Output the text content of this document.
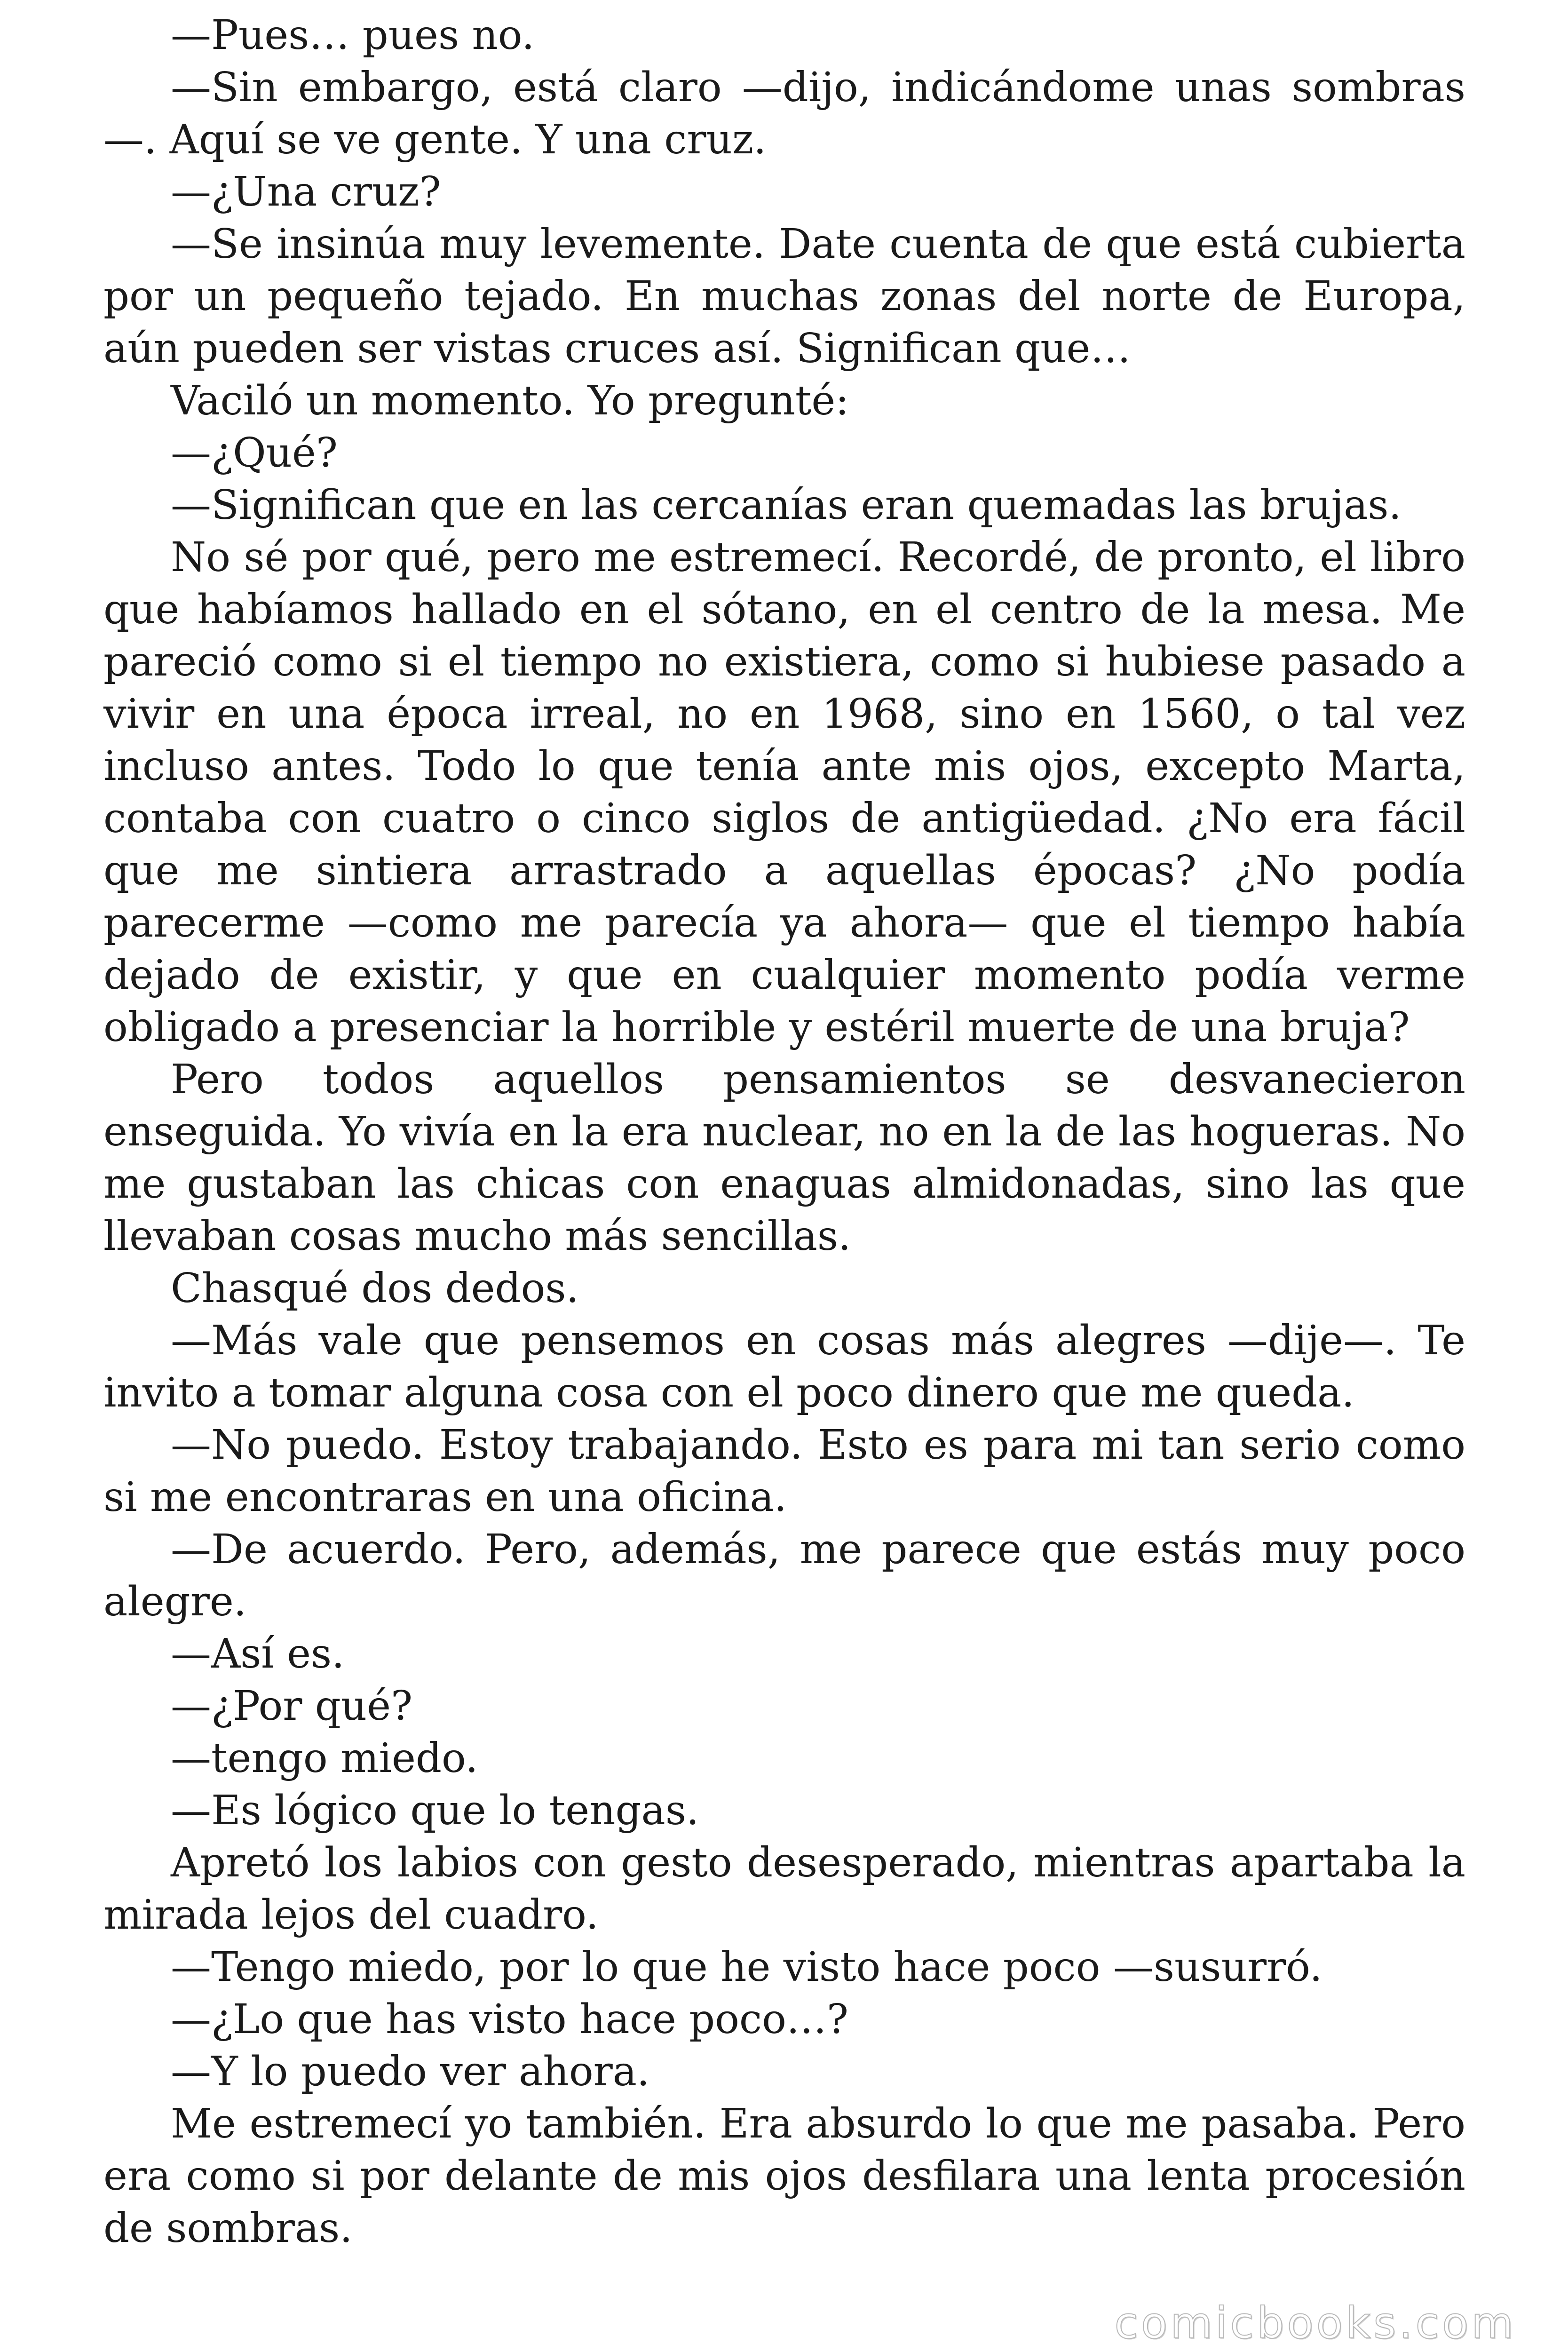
—Pues… pues no.

—Sin embargo, está claro —dijo, indicándome unas sombras—. Aquí se ve gente. Y una cruz.

—¿Una cruz?

—Se insinúa muy levemente. Date cuenta de que está cubierta por un pequeño tejado. En muchas zonas del norte de Europa, aún pueden ser vistas cruces así. Significan que…

Vaciló un momento. Yo pregunté:

—¿Qué?

—Significan que en las cercanías eran quemadas las brujas.

No sé por qué, pero me estremecí. Recordé, de pronto, el libro que habíamos hallado en el sótano, en el centro de la mesa. Me pareció como si el tiempo no existiera, como si hubiese pasado a vivir en una época irreal, no en 1968, sino en 1560, o tal vez incluso antes. Todo lo que tenía ante mis ojos, excepto Marta, contaba con cuatro o cinco siglos de antigüedad. ¿No era fácil que me sintiera arrastrado a aquellas épocas? ¿No podía parecerme —como me parecía ya ahora— que el tiempo había dejado de existir, y que en cualquier momento podía verme obligado a presenciar la horrible y estéril muerte de una bruja?

Pero todos aquellos pensamientos se desvanecieron enseguida. Yo vivía en la era nuclear, no en la de las hogueras. No me gustaban las chicas con enaguas almidonadas, sino las que llevaban cosas mucho más sencillas.

Chasqué dos dedos.

—Más vale que pensemos en cosas más alegres —dije—. Te invito a tomar alguna cosa con el poco dinero que me queda.

—No puedo. Estoy trabajando. Esto es para mi tan serio como si me encontraras en una oficina.

—De acuerdo. Pero, además, me parece que estás muy poco alegre.

—Así es.

—¿Por qué?

—tengo miedo.

—Es lógico que lo tengas.

Apretó los labios con gesto desesperado, mientras apartaba la mirada lejos del cuadro.

—Tengo miedo, por lo que he visto hace poco —susurró.

—¿Lo que has visto hace poco…?

—Y lo puedo ver ahora.

Me estremecí yo también. Era absurdo lo que me pasaba. Pero era como si por delante de mis ojos desfilara una lenta procesión de sombras.

comicbooks.com
